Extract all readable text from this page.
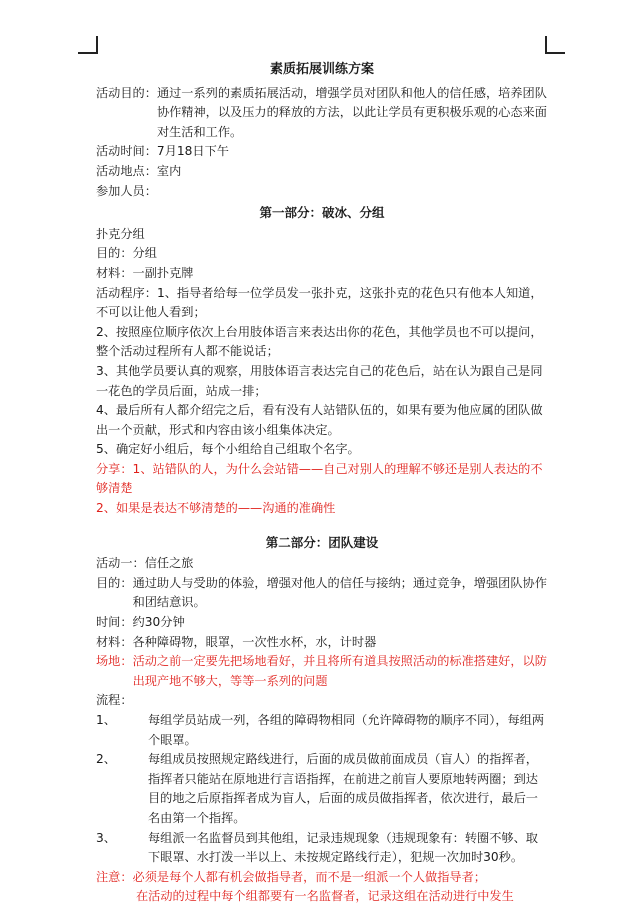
素质拓展训练方案

活动目的： 通过一系列的素质拓展活动，增强学员对团队和他人的信任感，培养团队协作精神，以及压力的释放的方法，以此让学员有更积极乐观的心态来面对生活和工作。

活动时间：7月18日下午

活动地点：室内

参加人员：

第一部分：破冰、分组

扑克分组

目的：分组

材料：一副扑克牌

活动程序：1、指导者给每一位学员发一张扑克，这张扑克的花色只有他本人知道，不可以让他人看到；

2、按照座位顺序依次上台用肢体语言来表达出你的花色，其他学员也不可以提问，整个活动过程所有人都不能说话；

3、其他学员要认真的观察，用肢体语言表达完自己的花色后，站在认为跟自己是同一花色的学员后面，站成一排；

4、最后所有人都介绍完之后，看有没有人站错队伍的，如果有要为他应属的团队做出一个贡献，形式和内容由该小组集体决定。

5、确定好小组后，每个小组给自己组取个名字。

分享：1、站错队的人，为什么会站错——自己对别人的理解不够还是别人表达的不够清楚

2、如果是表达不够清楚的——沟通的准确性

第二部分：团队建设

活动一：信任之旅

目的： 通过助人与受助的体验，增强对他人的信任与接纳；通过竞争，增强团队协作和团结意识。

时间：约30分钟

材料：各种障碍物，眼罩，一次性水杯，水，计时器

场地： 活动之前一定要先把场地看好，并且将所有道具按照活动的标准搭建好，以防出现产地不够大，等等一系列的问题

流程：

1、	每组学员站成一列，各组的障碍物相同（允许障碍物的顺序不同），每组两个眼罩。
2、	每组成员按照规定路线进行，后面的成员做前面成员（盲人）的指挥者，指挥者只能站在原地进行言语指挥，在前进之前盲人要原地转两圈；到达目的地之后原指挥者成为盲人，后面的成员做指挥者，依次进行，最后一名由第一个指挥。
3、	每组派一名监督员到其他组，记录违规现象（违规现象有：转圈不够、取下眼罩、水打泼一半以上、未按规定路线行走），犯规一次加时30秒。

注意：必须是每个人都有机会做指导者，而不是一组派一个人做指导者；

在活动的过程中每个组都要有一名监督者，记录这组在活动进行中发生
